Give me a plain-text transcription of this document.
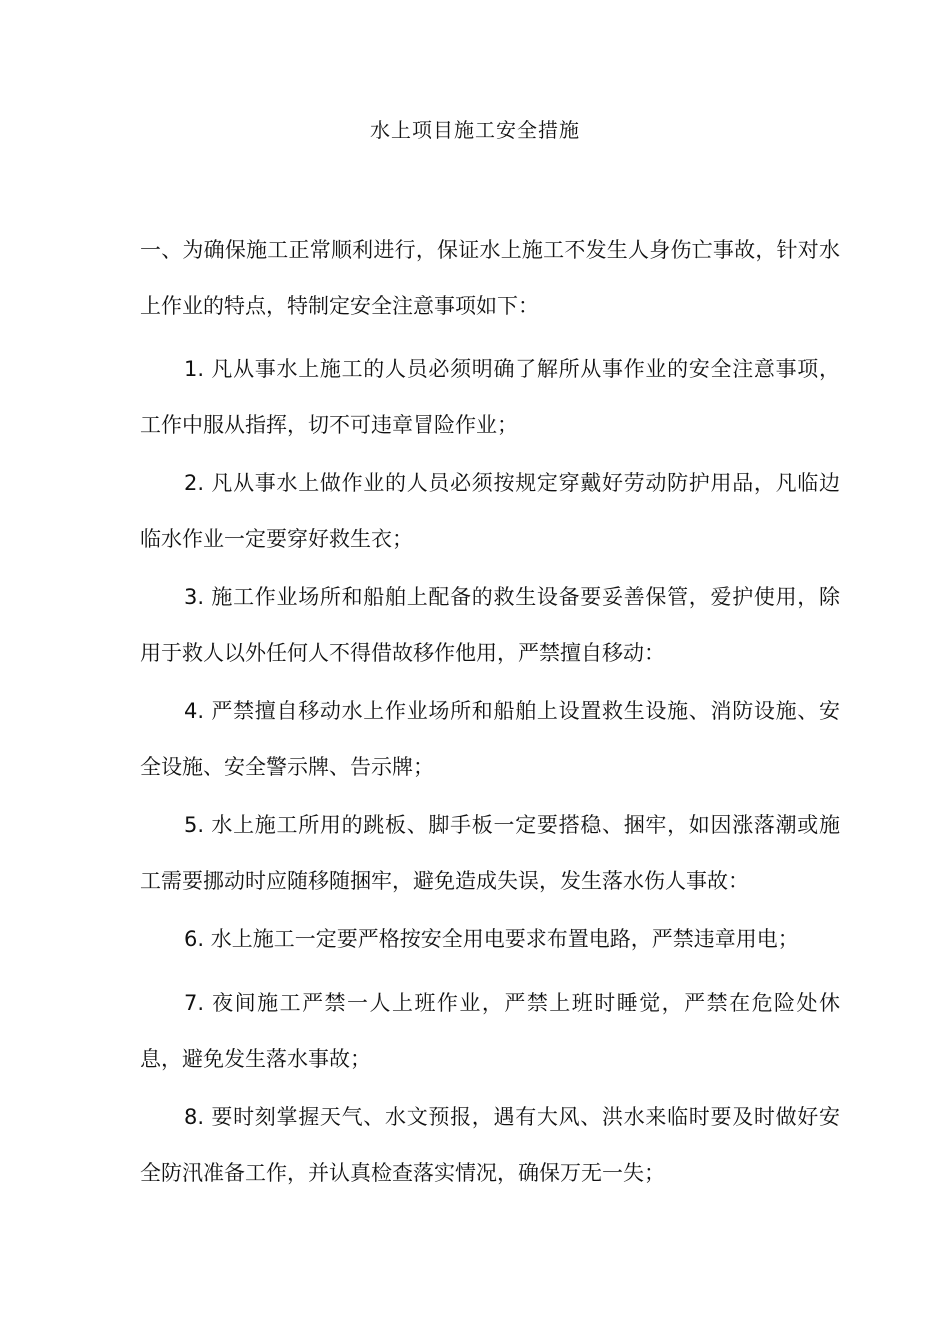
水上项目施工安全措施

一、为确保施工正常顺利进行，保证水上施工不发生人身伤亡事故，针对水上作业的特点，特制定安全注意事项如下：

1. 凡从事水上施工的人员必须明确了解所从事作业的安全注意事项，工作中服从指挥，切不可违章冒险作业；

2. 凡从事水上做作业的人员必须按规定穿戴好劳动防护用品，凡临边临水作业一定要穿好救生衣；

3. 施工作业场所和船舶上配备的救生设备要妥善保管，爱护使用，除用于救人以外任何人不得借故移作他用，严禁擅自移动：

4. 严禁擅自移动水上作业场所和船舶上设置救生设施、消防设施、安全设施、安全警示牌、告示牌；

5. 水上施工所用的跳板、脚手板一定要搭稳、捆牢，如因涨落潮或施工需要挪动时应随移随捆牢，避免造成失误，发生落水伤人事故：

6. 水上施工一定要严格按安全用电要求布置电路，严禁违章用电；

7. 夜间施工严禁一人上班作业，严禁上班时睡觉，严禁在危险处休息，避免发生落水事故；

8. 要时刻掌握天气、水文预报，遇有大风、洪水来临时要及时做好安全防汛准备工作，并认真检查落实情况，确保万无一失；
